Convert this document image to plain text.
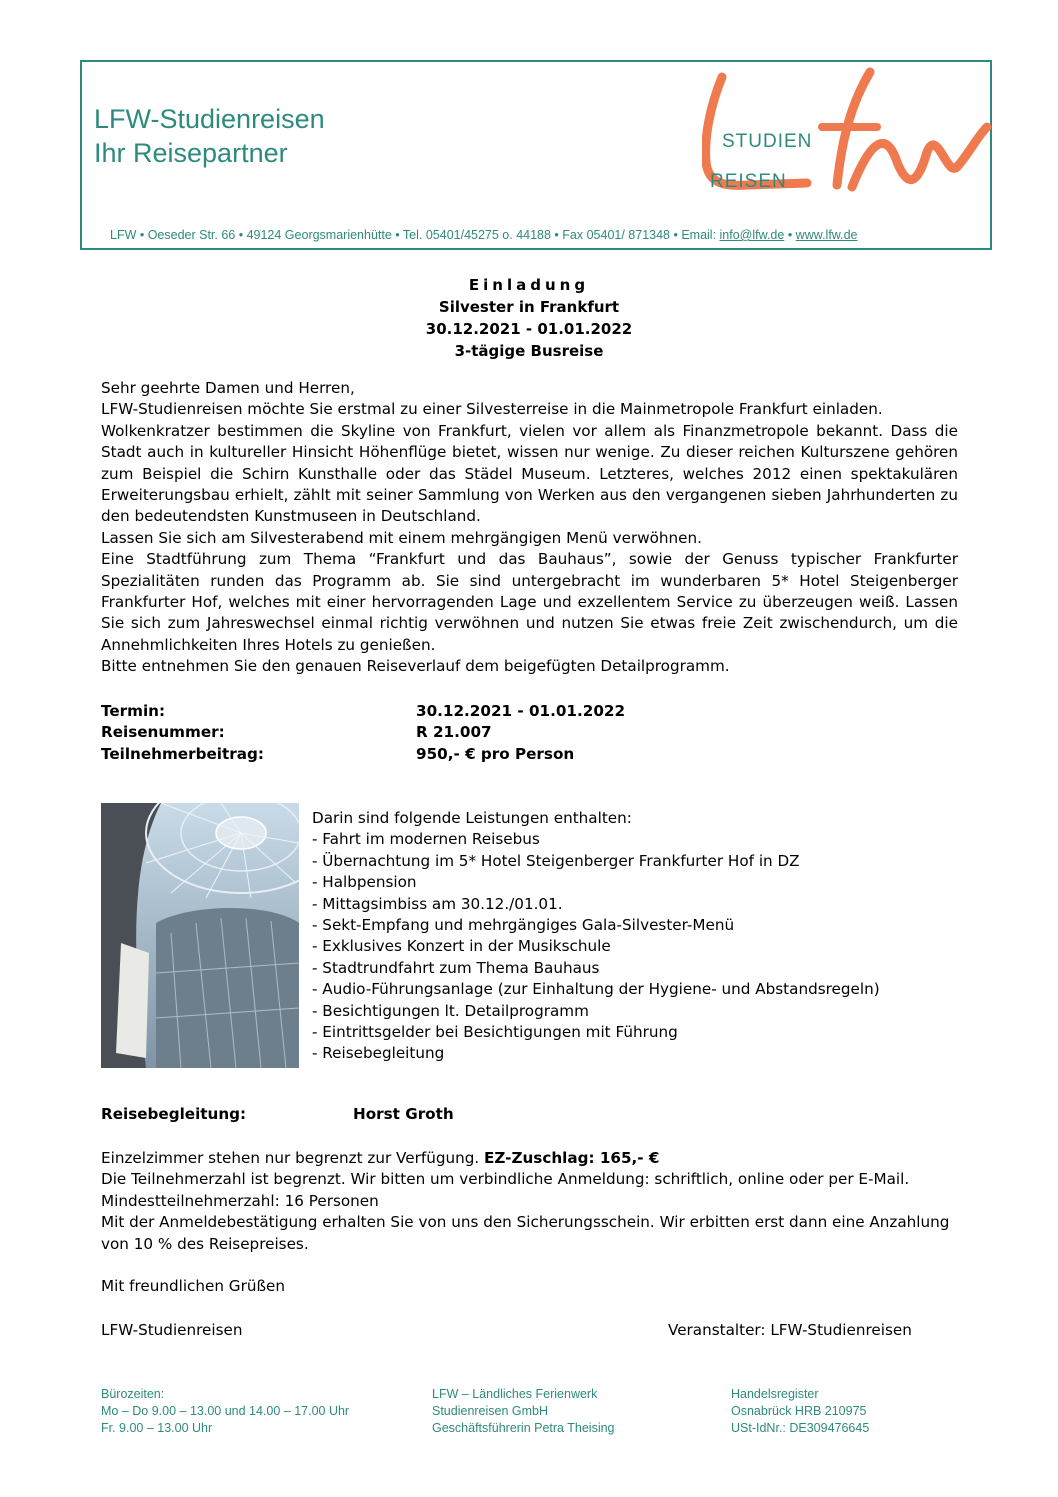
LFW-Studienreisen
Ihr Reisepartner	STUDIEN
REISEN
LFW • Oeseder Str. 66 • 49124 Georgsmarienhütte • Tel. 05401/45275 o. 44188 • Fax 05401/ 871348 • Email: info@lfw.de • www.lfw.de
Einladung
Silvester in Frankfurt
30.12.2021 - 01.01.2022
3-tägige Busreise

Sehr geehrte Damen und Herren,

LFW-Studienreisen möchte Sie erstmal zu einer Silvesterreise in die Mainmetropole Frankfurt einladen.

Wolkenkratzer bestimmen die Skyline von Frankfurt, vielen vor allem als Finanzmetropole bekannt. Dass die Stadt auch in kultureller Hinsicht Höhenflüge bietet, wissen nur wenige. Zu dieser reichen Kulturszene gehören zum Beispiel die Schirn Kunsthalle oder das Städel Museum. Letzteres, welches 2012 einen spektakulären Erweiterungsbau erhielt, zählt mit seiner Sammlung von Werken aus den vergangenen sieben Jahrhunderten zu den bedeutendsten Kunstmuseen in Deutschland.

Lassen Sie sich am Silvesterabend mit einem mehrgängigen Menü verwöhnen.

Eine Stadtführung zum Thema “Frankfurt und das Bauhaus”, sowie der Genuss typischer Frankfurter Spezialitäten runden das Programm ab. Sie sind untergebracht im wunderbaren 5* Hotel Steigenberger Frankfurter Hof, welches mit einer hervorragenden Lage und exzellentem Service zu überzeugen weiß. Lassen Sie sich zum Jahreswechsel einmal richtig verwöhnen und nutzen Sie etwas freie Zeit zwischendurch, um die Annehmlichkeiten Ihres Hotels zu genießen.

Bitte entnehmen Sie den genauen Reiseverlauf dem beigefügten Detailprogramm.

Termin:	30.12.2021 - 01.01.2022
Reisenummer:	R 21.007
Teilnehmerbeitrag:	950,- € pro Person
Darin sind folgende Leistungen enthalten:
- Fahrt im modernen Reisebus
- Übernachtung im 5* Hotel Steigenberger Frankfurter Hof in DZ
- Halbpension
- Mittagsimbiss am 30.12./01.01.
- Sekt-Empfang und mehrgängiges Gala-Silvester-Menü
- Exklusives Konzert in der Musikschule
- Stadtrundfahrt zum Thema Bauhaus
- Audio-Führungsanlage (zur Einhaltung der Hygiene- und Abstandsregeln)
- Besichtigungen lt. Detailprogramm
- Eintrittsgelder bei Besichtigungen mit Führung
- Reisebegleitung
Reisebegleitung:	Horst Groth

Einzelzimmer stehen nur begrenzt zur Verfügung. EZ-Zuschlag: 165,- €

Die Teilnehmerzahl ist begrenzt. Wir bitten um verbindliche Anmeldung: schriftlich, online oder per E-Mail.

Mindestteilnehmerzahl: 16 Personen

Mit der Anmeldebestätigung erhalten Sie von uns den Sicherungsschein. Wir erbitten erst dann eine Anzahlung von 10 % des Reisepreises.

Mit freundlichen Grüßen
LFW-Studienreisen	Veranstalter: LFW-Studienreisen
Bürozeiten:
Mo – Do 9.00 – 13.00 und 14.00 – 17.00 Uhr
Fr. 9.00 – 13.00 Uhr
LFW – Ländliches Ferienwerk
Studienreisen GmbH
Geschäftsführerin Petra Theising
Handelsregister
Osnabrück HRB 210975
USt-IdNr.: DE309476645
